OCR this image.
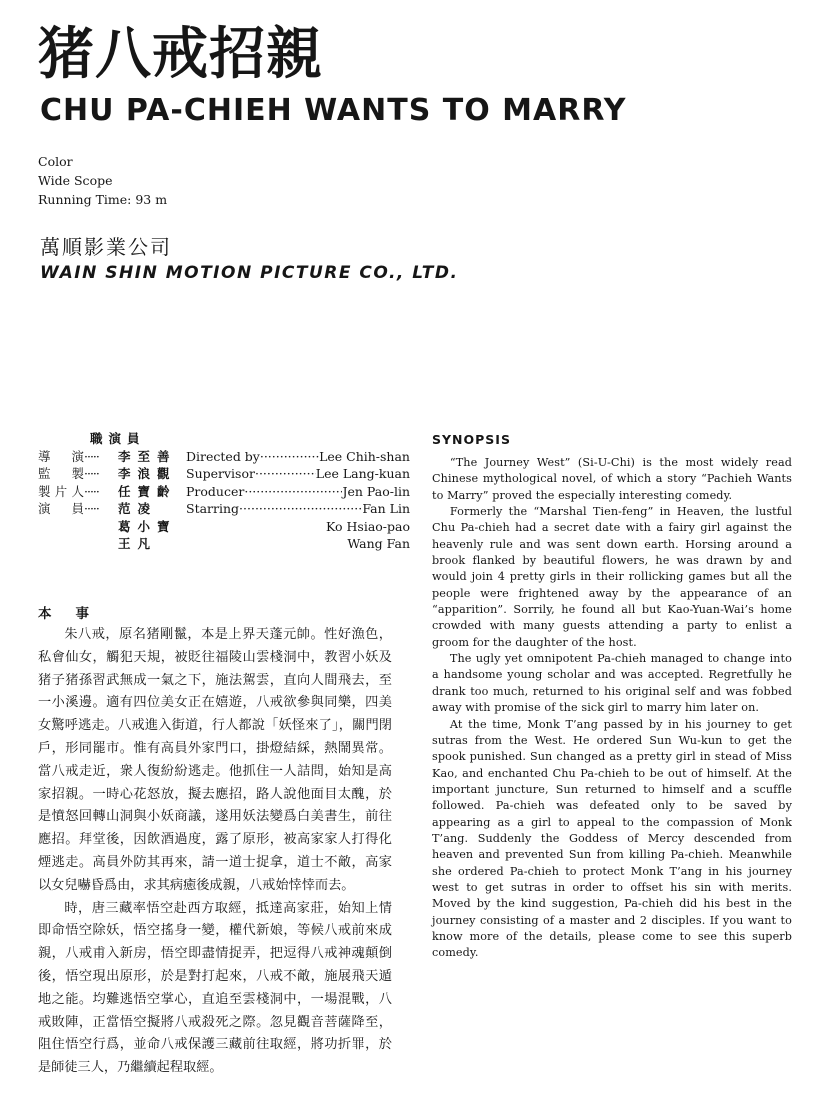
猪八戒招親
CHU PA-CHIEH WANTS TO MARRY
Color
Wide Scope
Running Time: 93 m
萬順影業公司
WAIN SHIN MOTION PICTURE CO., LTD.
職演員
導演 ····· 李至善 Directed by ·····	Lee Chih-shan
監製 ····· 李浪觀 Supervisor ·····	Lee Lang-kuan
製片人 ····· 任寶齡 Producer ·····	Jen Pao-lin
演員 ····· 范凌 Starring ·····	Fan Lin
葛小寶	Ko Hsiao-pao
王凡	Wang Fan
本事

朱八戒，原名猪剛鬣，本是上界天蓬元帥。性好漁色，私會仙女，觸犯天規，被貶往福陵山雲棧洞中，教習小妖及猪子猪孫習武無成一氣之下，施法駕雲，直向人間飛去，至一小溪邊。適有四位美女正在嬉遊，八戒欲參與同樂，四美女驚呼逃走。八戒進入街道，行人都說「妖怪來了」，關門閉戶，形同罷市。惟有高員外家門口，掛燈結綵，熱鬧異常。當八戒走近，衆人復紛紛逃走。他抓住一人詰問，始知是高家招親。一時心花怒放，擬去應招，路人說他面目太醜，於是憤怒回轉山洞與小妖商議，遂用妖法變爲白美書生，前往應招。拜堂後，因飲酒過度，露了原形，被高家家人打得化煙逃走。高員外防其再來，請一道士捉拿，道士不敵，高家以女兒嚇昏爲由，求其病癒後成親，八戒始悻悻而去。

時，唐三藏率悟空赴西方取經，抵達高家莊，始知上情即命悟空除妖，悟空搖身一變，權代新娘，等候八戒前來成親，八戒甫入新房，悟空即盡情捉弄，把逗得八戒神魂顛倒後，悟空現出原形，於是對打起來，八戒不敵，施展飛天遁地之能。均難逃悟空掌心，直追至雲棧洞中，一場混戰，八戒敗陣，正當悟空擬將八戒殺死之際。忽見觀音菩薩降至，阻住悟空行爲，並命八戒保護三藏前往取經，將功折罪，於是師徒三人，乃繼續起程取經。

SYNOPSIS

“The Journey West” (Si-U-Chi) is the most widely read Chinese mythological novel, of which a story “Pachieh Wants to Marry” proved the especially interesting comedy.

Formerly the “Marshal Tien-feng” in Heaven, the lustful Chu Pa-chieh had a secret date with a fairy girl against the heavenly rule and was sent down earth. Horsing around a brook flanked by beautiful flowers, he was drawn by and would join 4 pretty girls in their rollicking games but all the people were frightened away by the appearance of an “apparition”. Sorrily, he found all but Kao-Yuan-Wai’s home crowded with many guests attending a party to enlist a groom for the daughter of the host.

The ugly yet omnipotent Pa-chieh managed to change into a handsome young scholar and was accepted. Regretfully he drank too much, returned to his original self and was fobbed away with promise of the sick girl to marry him later on.

At the time, Monk T’ang passed by in his journey to get sutras from the West. He ordered Sun Wu-kun to get the spook punished. Sun changed as a pretty girl in stead of Miss Kao, and enchanted Chu Pa-chieh to be out of himself. At the important juncture, Sun returned to himself and a scuffle followed. Pa-chieh was defeated only to be saved by appearing as a girl to appeal to the compassion of Monk T’ang. Suddenly the Goddess of Mercy descended from heaven and prevented Sun from killing Pa-chieh. Meanwhile she ordered Pa-chieh to protect Monk T’ang in his journey west to get sutras in order to offset his sin with merits. Moved by the kind suggestion, Pa-chieh did his best in the journey consisting of a master and 2 disciples. If you want to know more of the details, please come to see this superb comedy.
